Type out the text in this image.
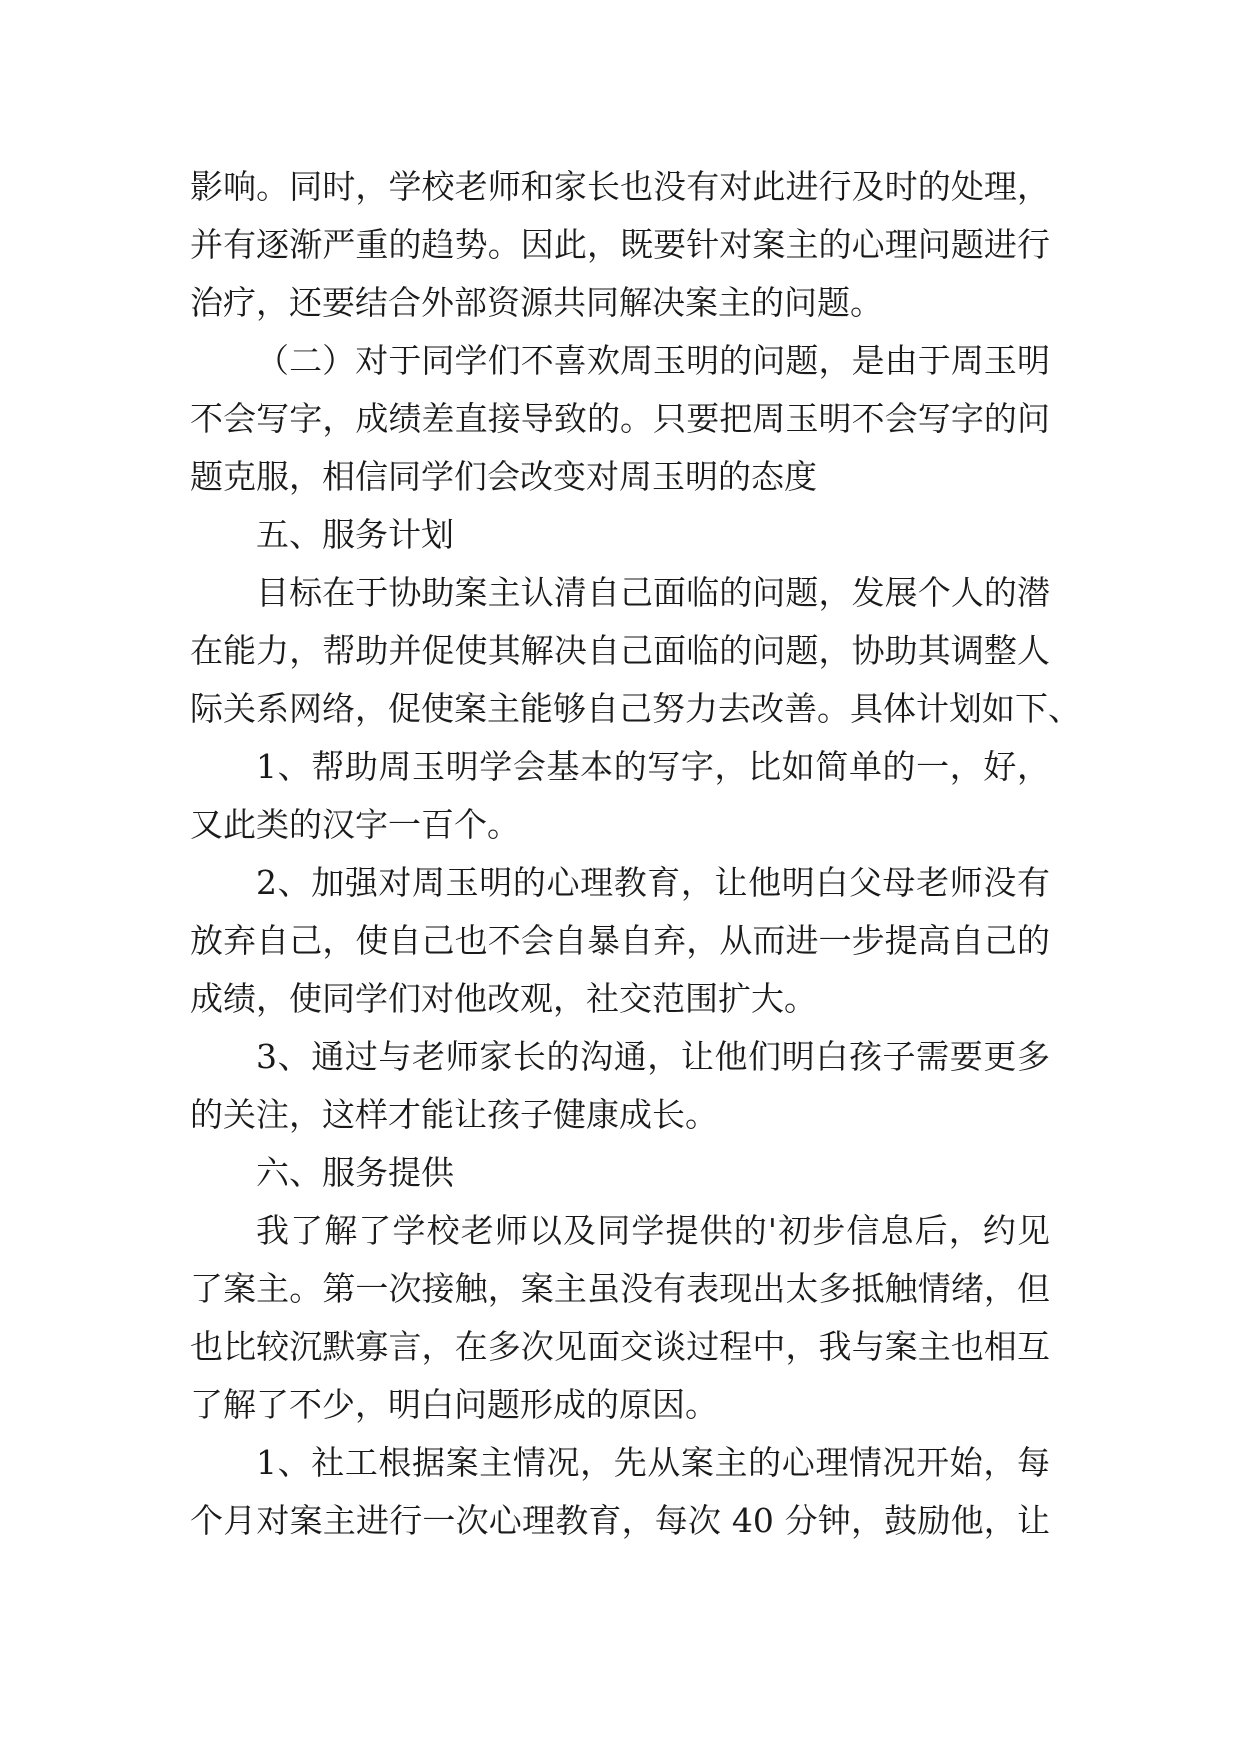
影响。同时，学校老师和家长也没有对此进行及时的处理，
并有逐渐严重的趋势。因此，既要针对案主的心理问题进行
治疗，还要结合外部资源共同解决案主的问题。
（二）对于同学们不喜欢周玉明的问题，是由于周玉明
不会写字，成绩差直接导致的。只要把周玉明不会写字的问
题克服，相信同学们会改变对周玉明的态度
五、服务计划
目标在于协助案主认清自己面临的问题，发展个人的潜
在能力，帮助并促使其解决自己面临的问题，协助其调整人
际关系网络，促使案主能够自己努力去改善。具体计划如下、
1、帮助周玉明学会基本的写字，比如简单的一，好，
又此类的汉字一百个。
2、加强对周玉明的心理教育，让他明白父母老师没有
放弃自己，使自己也不会自暴自弃，从而进一步提高自己的
成绩，使同学们对他改观，社交范围扩大。
3、通过与老师家长的沟通，让他们明白孩子需要更多
的关注，这样才能让孩子健康成长。
六、服务提供
我了解了学校老师以及同学提供的'初步信息后，约见
了案主。第一次接触，案主虽没有表现出太多抵触情绪，但
也比较沉默寡言，在多次见面交谈过程中，我与案主也相互
了解了不少，明白问题形成的原因。
1、社工根据案主情况，先从案主的心理情况开始，每
个月对案主进行一次心理教育，每次 40 分钟，鼓励他，让
